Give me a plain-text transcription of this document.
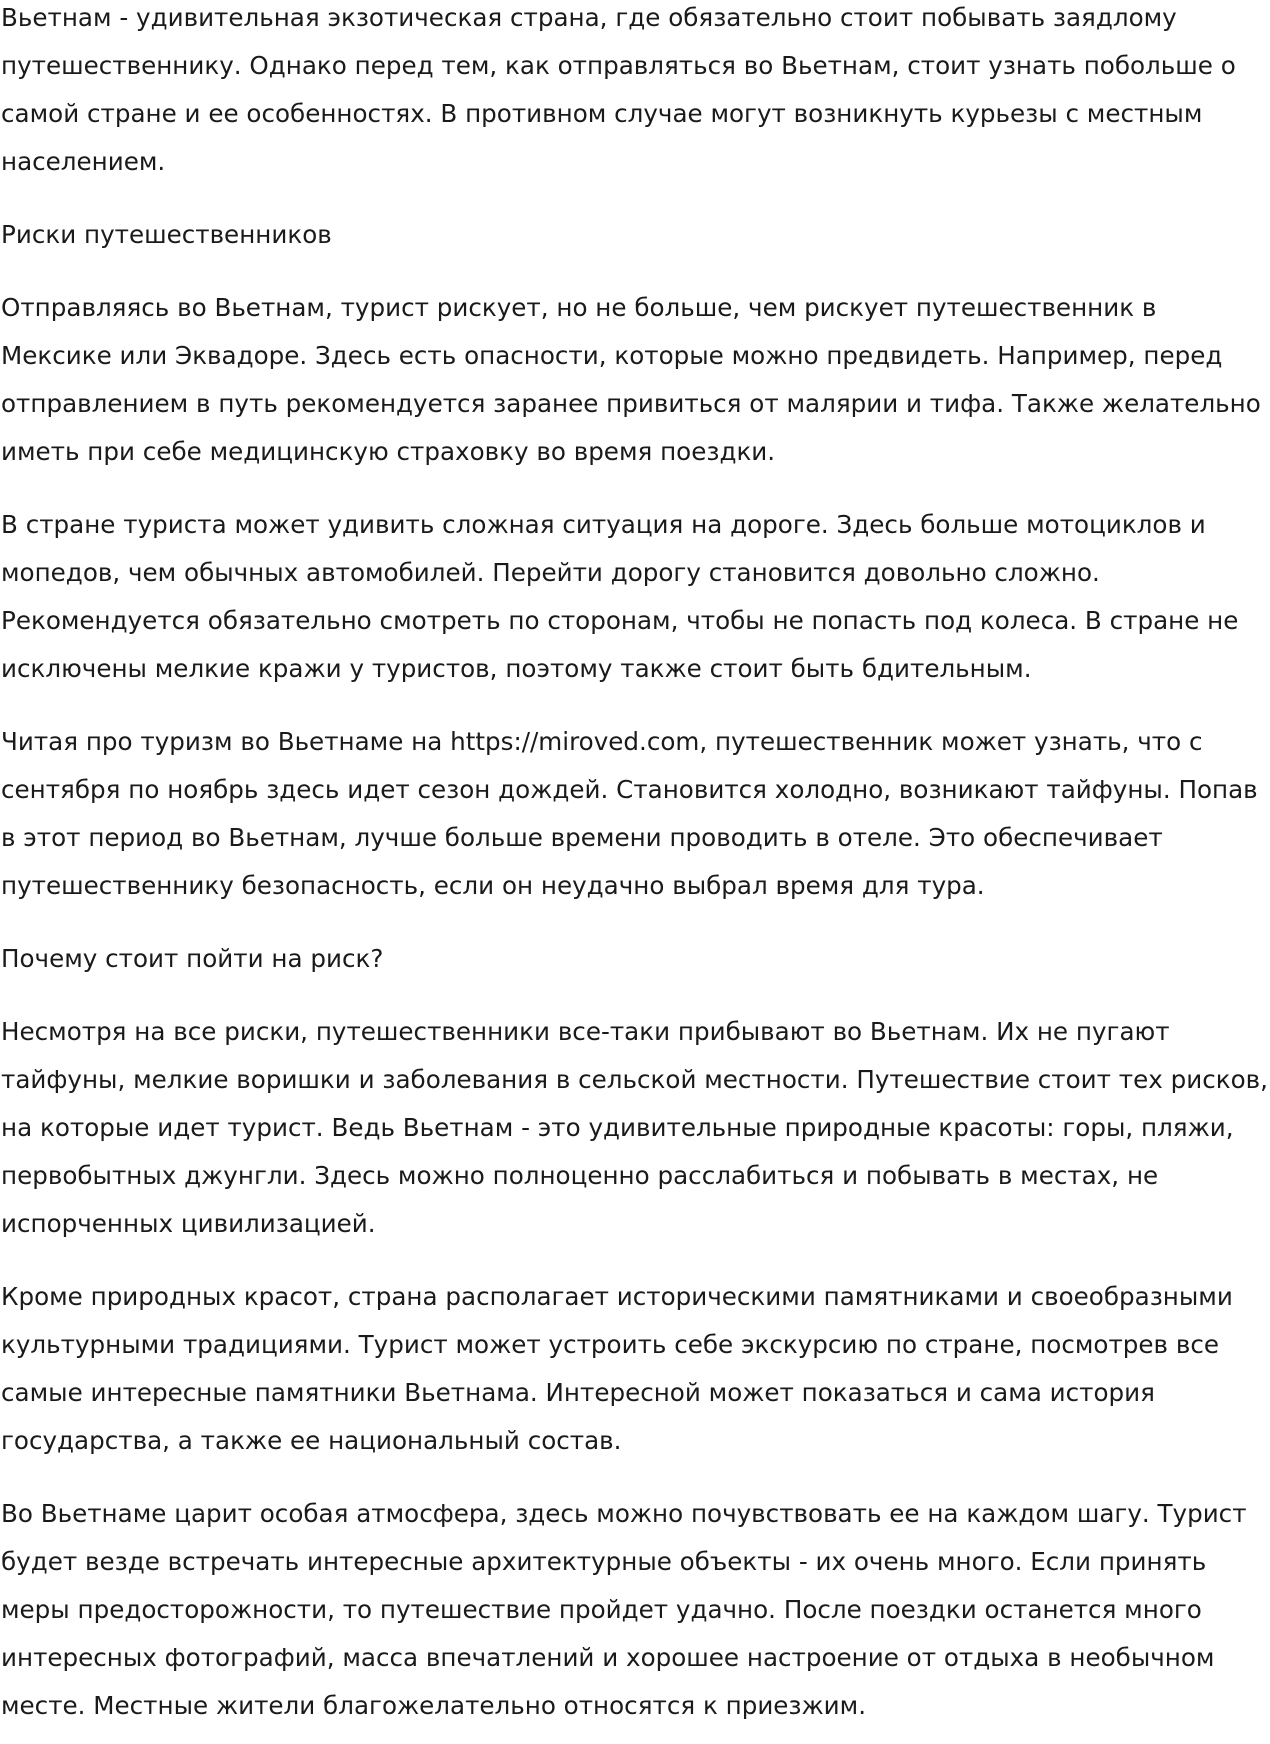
Вьетнам - удивительная экзотическая страна, где обязательно стоит побывать заядлому путешественнику. Однако перед тем, как отправляться во Вьетнам, стоит узнать побольше о самой стране и ее особенностях. В противном случае могут возникнуть курьезы с местным населением.

Риски путешественников

Отправляясь во Вьетнам, турист рискует, но не больше, чем рискует путешественник в Мексике или Эквадоре. Здесь есть опасности, которые можно предвидеть. Например, перед отправлением в путь рекомендуется заранее привиться от малярии и тифа. Также желательно иметь при себе медицинскую страховку во время поездки.

В стране туриста может удивить сложная ситуация на дороге. Здесь больше мотоциклов и мопедов, чем обычных автомобилей. Перейти дорогу становится довольно сложно. Рекомендуется обязательно смотреть по сторонам, чтобы не попасть под колеса. В стране не исключены мелкие кражи у туристов, поэтому также стоит быть бдительным.

Читая про туризм во Вьетнаме на https://miroved.com, путешественник может узнать, что с сентября по ноябрь здесь идет сезон дождей. Становится холодно, возникают тайфуны. Попав в этот период во Вьетнам, лучше больше времени проводить в отеле. Это обеспечивает путешественнику безопасность, если он неудачно выбрал время для тура.

Почему стоит пойти на риск?

Несмотря на все риски, путешественники все-таки прибывают во Вьетнам. Их не пугают тайфуны, мелкие воришки и заболевания в сельской местности. Путешествие стоит тех рисков, на которые идет турист. Ведь Вьетнам - это удивительные природные красоты: горы, пляжи, первобытных джунгли. Здесь можно полноценно расслабиться и побывать в местах, не испорченных цивилизацией.

Кроме природных красот, страна располагает историческими памятниками и своеобразными культурными традициями. Турист может устроить себе экскурсию по стране, посмотрев все самые интересные памятники Вьетнама. Интересной может показаться и сама история государства, а также ее национальный состав.

Во Вьетнаме царит особая атмосфера, здесь можно почувствовать ее на каждом шагу. Турист будет везде встречать интересные архитектурные объекты - их очень много. Если принять меры предосторожности, то путешествие пройдет удачно. После поездки останется много интересных фотографий, масса впечатлений и хорошее настроение от отдыха в необычном месте. Местные жители благожелательно относятся к приезжим.
